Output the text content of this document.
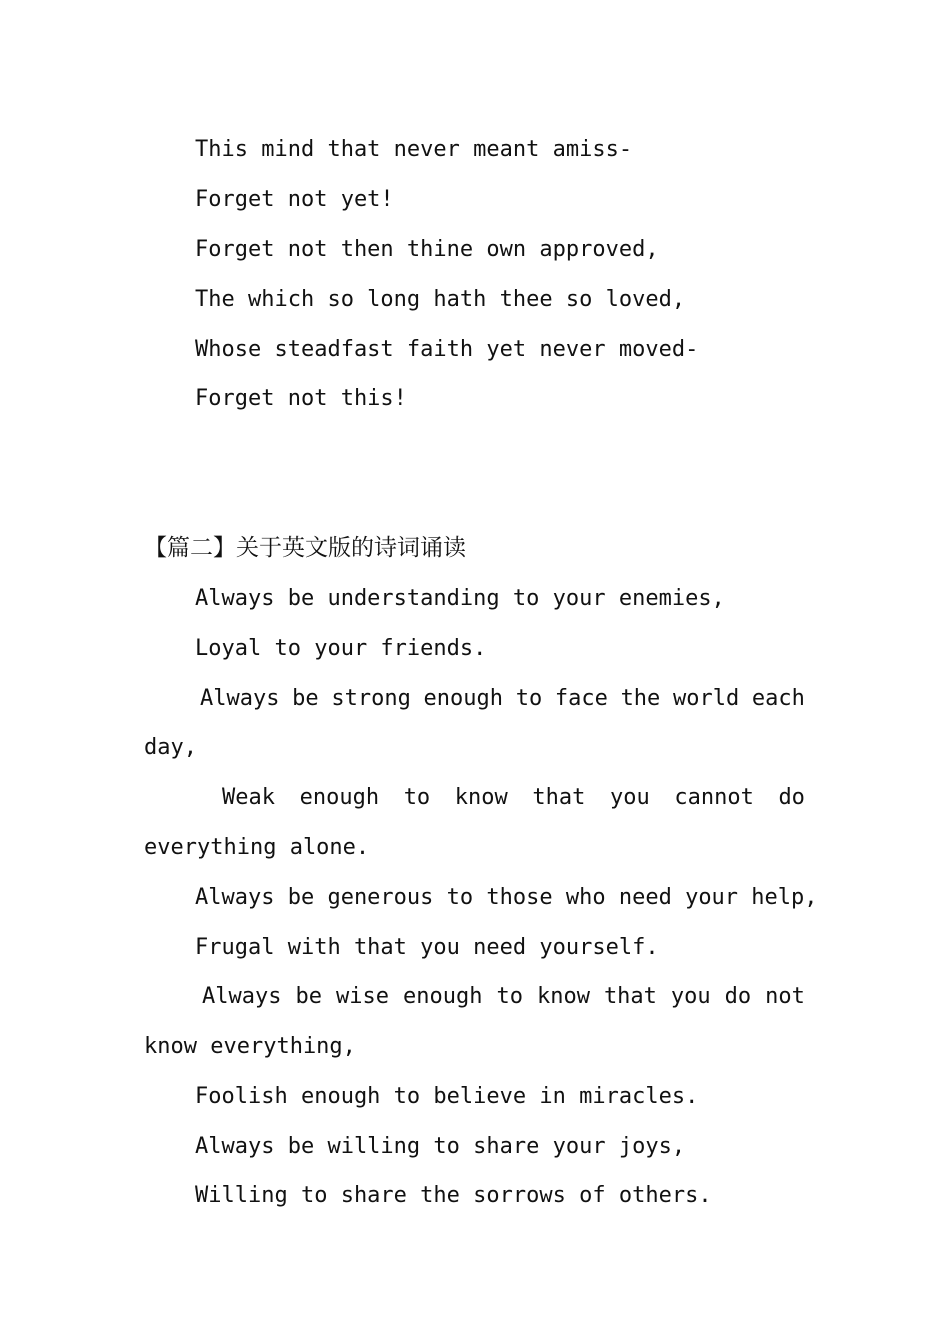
This mind that never meant amiss-
Forget not yet!
Forget not then thine own approved,
The which so long hath thee so loved,
Whose steadfast faith yet never moved-
Forget not this!
【篇二】关于英文版的诗词诵读
Always be understanding to your enemies,
Loyal to your friends.
Always be strong enough to face the world each
day,
Weak enough to know that you cannot do
everything alone.
Always be generous to those who need your help,
Frugal with that you need yourself.
Always be wise enough to know that you do not
know everything,
Foolish enough to believe in miracles.
Always be willing to share your joys,
Willing to share the sorrows of others.
